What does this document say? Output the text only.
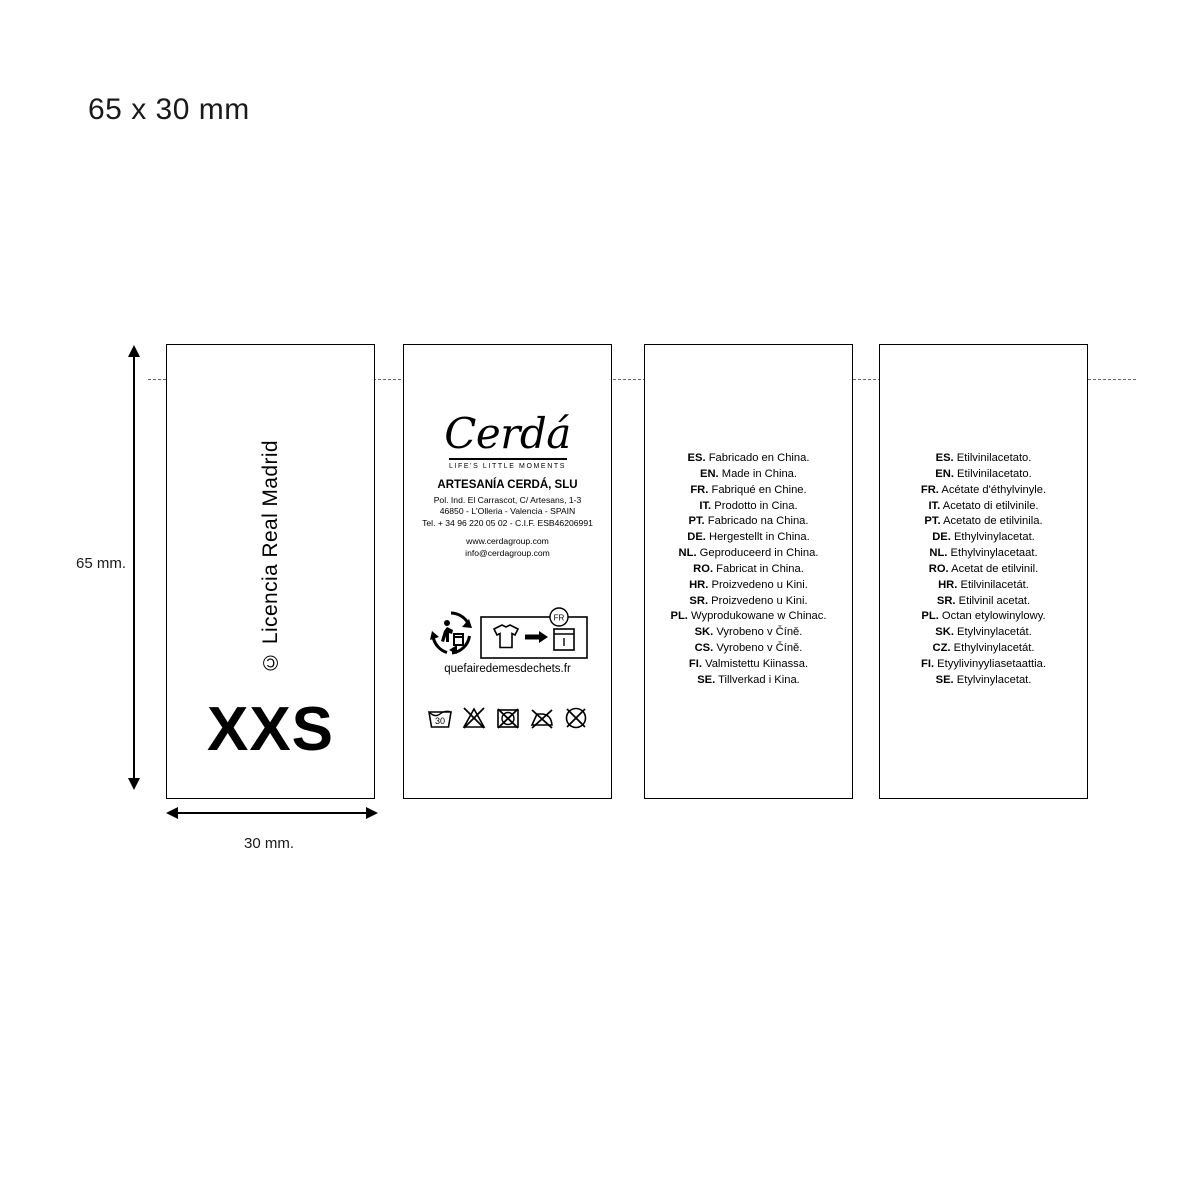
65 x 30 mm
65 mm.
30 mm.
© Licencia Real Madrid
XXS
Cerdá
LIFE'S LITTLE MOMENTS
ARTESANÍA CERDÁ, SLU
Pol. Ind. El Carrascot, C/ Artesans, 1-3
46850 - L'Olleria - Valencia - SPAIN
Tel. + 34 96 220 05 02 - C.I.F. ESB46206991
www.cerdagroup.com
info@cerdagroup.com
FR
quefairedemesdechets.fr
30
ES. Fabricado en China.
EN. Made in China.
FR. Fabriqué en Chine.
IT. Prodotto in Cina.
PT. Fabricado na China.
DE. Hergestellt in China.
NL. Geproduceerd in China.
RO. Fabricat in China.
HR. Proizvedeno u Kini.
SR. Proizvedeno u Kini.
PL. Wyprodukowane w Chinac.
SK. Vyrobeno v Číně.
CS. Vyrobeno v Číně.
FI. Valmistettu Kiinassa.
SE. Tillverkad i Kina.
ES. Etilvinilacetato.
EN. Etilvinilacetato.
FR. Acétate d'éthylvinyle.
IT. Acetato di etilvinile.
PT. Acetato de etilvinila.
DE. Ethylvinylacetat.
NL. Ethylvinylacetaat.
RO. Acetat de etilvinil.
HR. Etilvinilacetát.
SR. Etilvinil acetat.
PL. Octan etylowinylowy.
SK. Etylvinylacetát.
CZ. Ethylvinylacetát.
FI. Etyylivinyyliasetaattia.
SE. Etylvinylacetat.
